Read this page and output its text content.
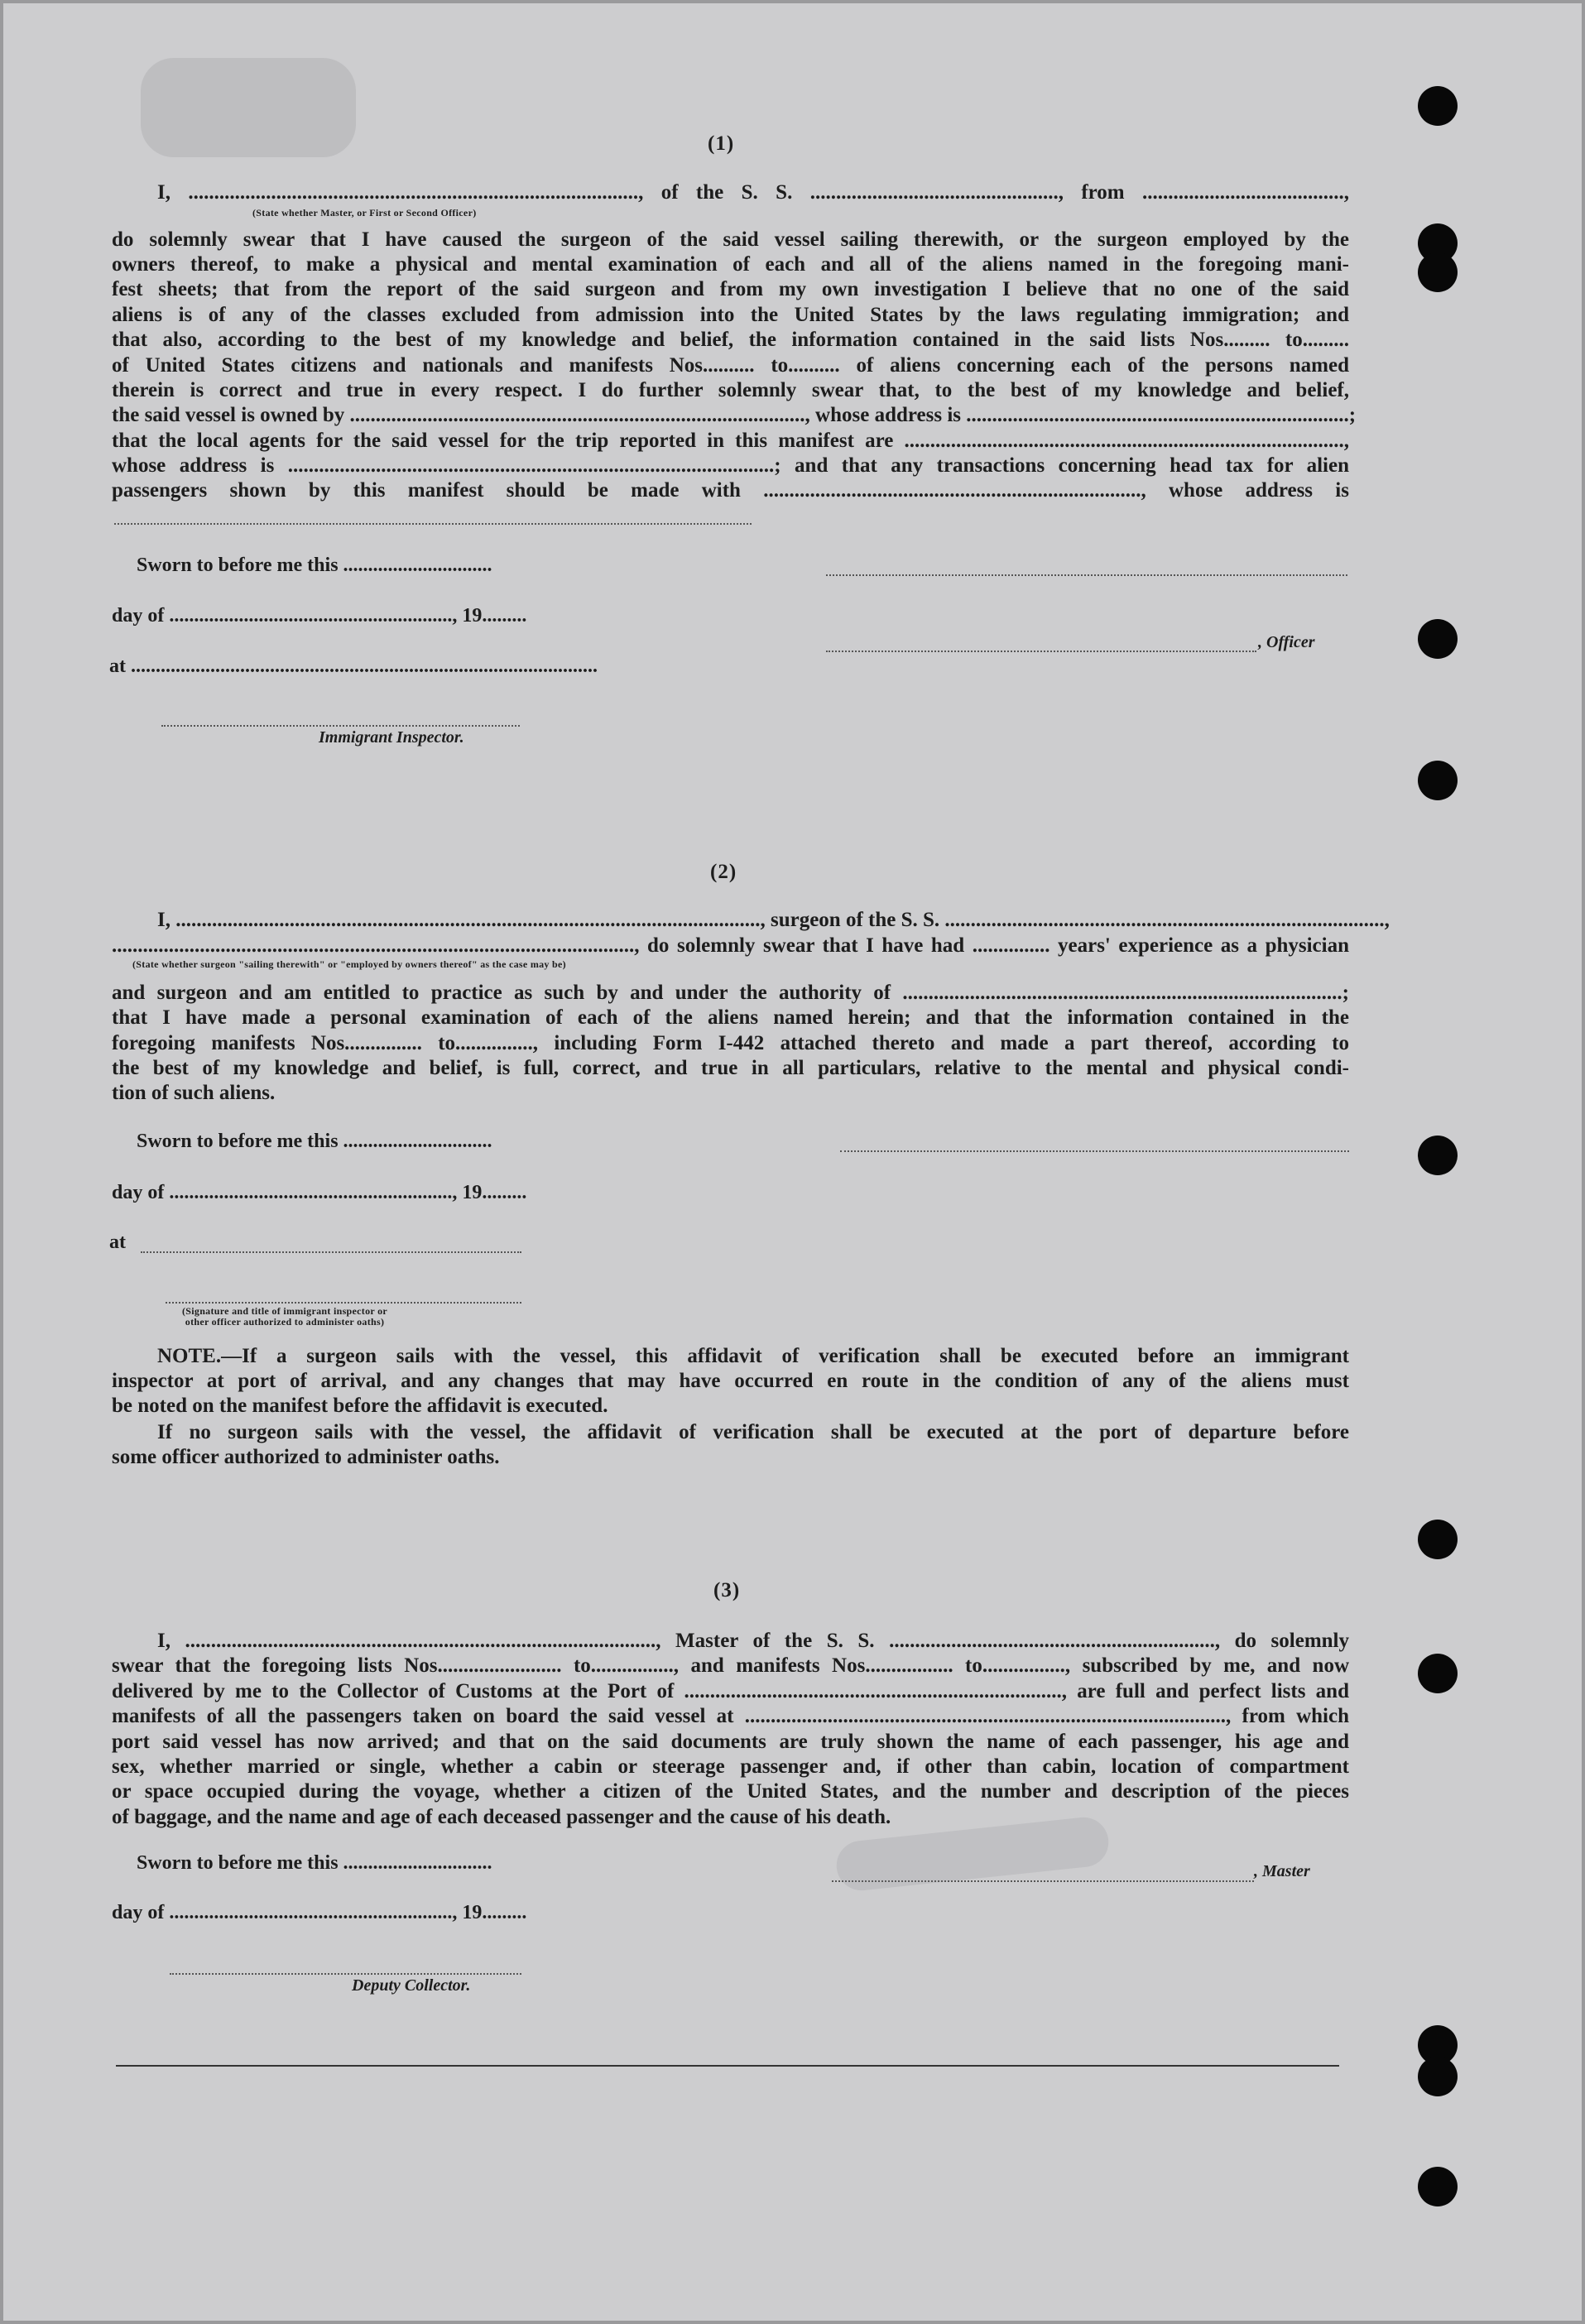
(1)

I, ......................................................................................., of the S. S. ................................................, from .......................................,

(State whether Master, or First or Second Officer)

do solemnly swear that I have caused the surgeon of the said vessel sailing therewith, or the surgeon employed by the

owners thereof, to make a physical and mental examination of each and all of the aliens named in the foregoing mani-

fest sheets; that from the report of the said surgeon and from my own investigation I believe that no one of the said

aliens is of any of the classes excluded from admission into the United States by the laws regulating immigration; and

that also, according to the best of my knowledge and belief, the information contained in the said lists Nos......... to.........

of United States citizens and nationals and manifests Nos.......... to.......... of aliens concerning each of the persons named

therein is correct and true in every respect. I do further solemnly swear that, to the best of my knowledge and belief,

the said vessel is owned by ........................................................................................, whose address is ..........................................................................;

that the local agents for the said vessel for the trip reported in this manifest are .....................................................................................,

whose address is ..............................................................................................; and that any transactions concerning head tax for alien

passengers shown by this manifest should be made with ........................................................................., whose address is

Sworn to before me this ..............................
day of ........................................................., 19.........
at ..............................................................................................
Immigrant Inspector.
, Officer
(2)

I, ................................................................................................................., surgeon of the S. S. .....................................................................................,

....................................................................................................., do solemnly swear that I have had ............... years' experience as a physician

(State whether surgeon "sailing therewith" or "employed by owners thereof" as the case may be)

and surgeon and am entitled to practice as such by and under the authority of .....................................................................................;

that I have made a personal examination of each of the aliens named herein; and that the information contained in the

foregoing manifests Nos............... to..............., including Form I-442 attached thereto and made a part thereof, according to

the best of my knowledge and belief, is full, correct, and true in all particulars, relative to the mental and physical condi-

tion of such aliens.

Sworn to before me this ..............................
day of ........................................................., 19.........
at
(Signature and title of immigrant inspector or
other officer authorized to administer oaths)

NOTE.—If a surgeon sails with the vessel, this affidavit of verification shall be executed before an immigrant

inspector at port of arrival, and any changes that may have occurred en route in the condition of any of the aliens must

be noted on the manifest before the affidavit is executed.

If no surgeon sails with the vessel, the affidavit of verification shall be executed at the port of departure before

some officer authorized to administer oaths.

(3)

I, ..........................................................................................., Master of the S. S. ..............................................................., do solemnly

swear that the foregoing lists Nos........................ to................, and manifests Nos................. to................, subscribed by me, and now

delivered by me to the Collector of Customs at the Port of ........................................................................., are full and perfect lists and

manifests of all the passengers taken on board the said vessel at ............................................................................................., from which

port said vessel has now arrived; and that on the said documents are truly shown the name of each passenger, his age and

sex, whether married or single, whether a cabin or steerage passenger and, if other than cabin, location of compartment

or space occupied during the voyage, whether a citizen of the United States, and the number and description of the pieces

of baggage, and the name and age of each deceased passenger and the cause of his death.

Sworn to before me this ..............................	, Master
day of ........................................................., 19.........
Deputy Collector.
